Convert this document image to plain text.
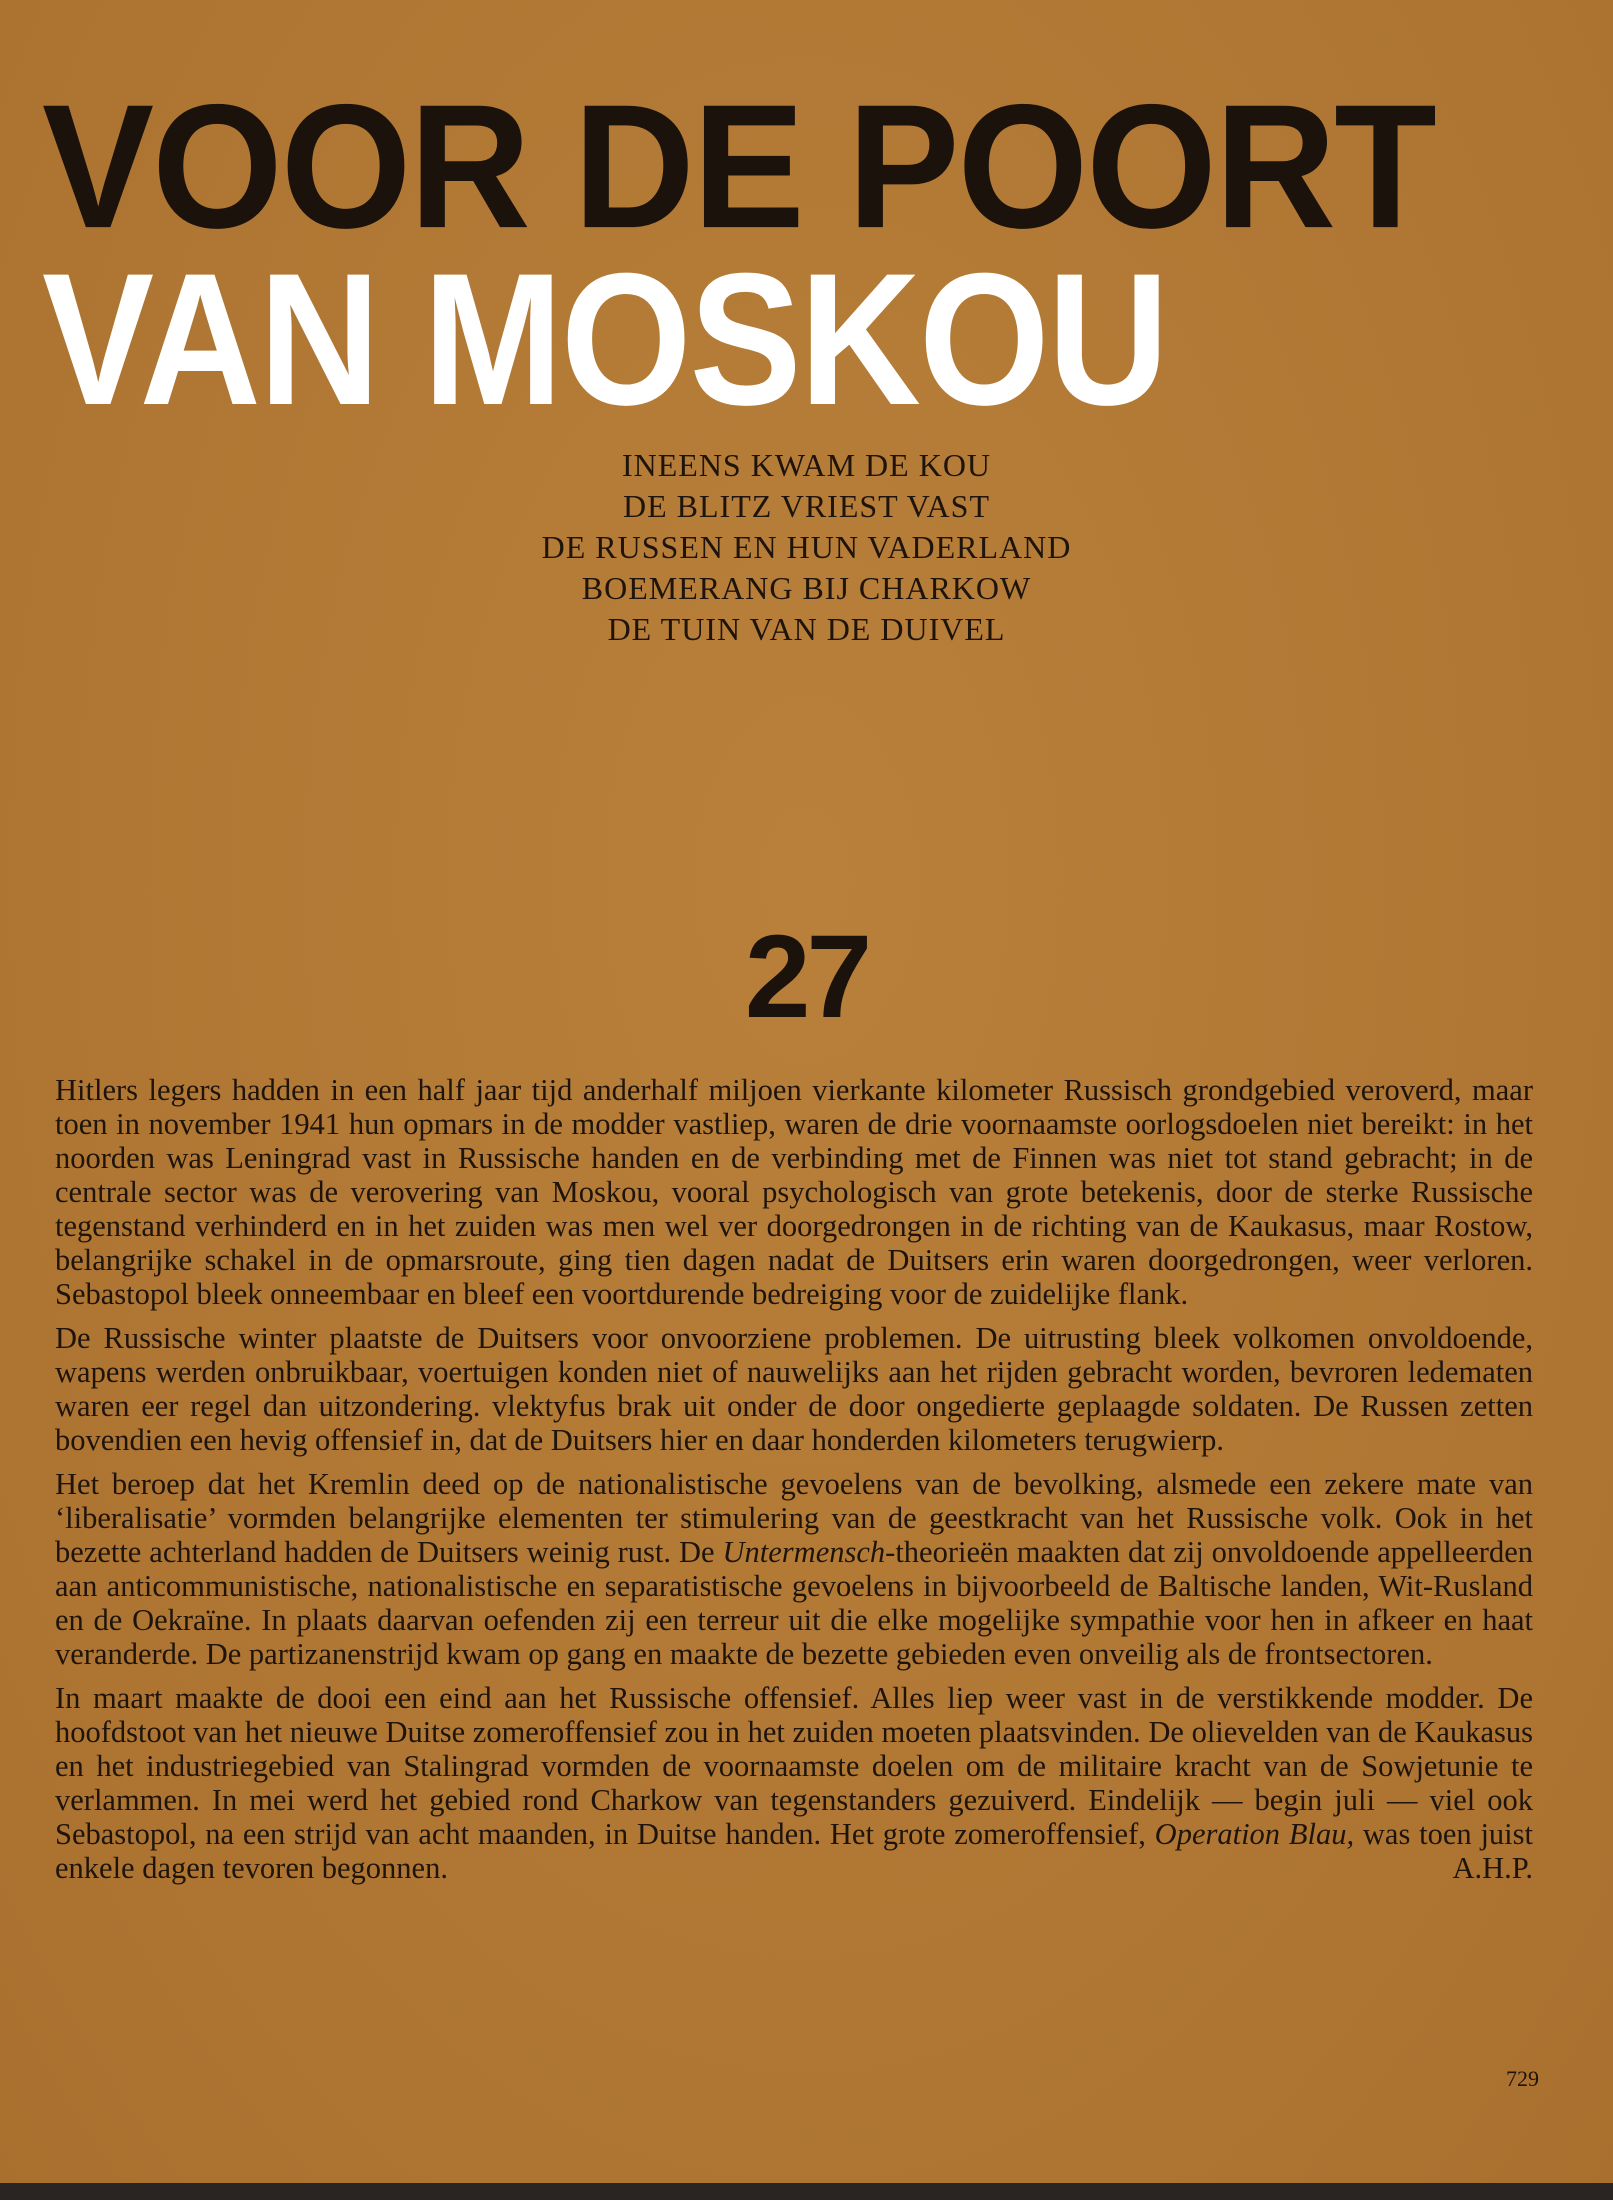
VOOR DE POORT
VAN MOSKOU
INEENS KWAM DE KOU
DE BLITZ VRIEST VAST
DE RUSSEN EN HUN VADERLAND
BOEMERANG BIJ CHARKOW
DE TUIN VAN DE DUIVEL
27

Hitlers legers hadden in een half jaar tijd anderhalf miljoen vierkante kilometer Russisch grondgebied veroverd, maar toen in november 1941 hun opmars in de modder vastliep, waren de drie voornaamste oorlogsdoelen niet bereikt: in het noorden was Leningrad vast in Russische handen en de verbinding met de Finnen was niet tot stand gebracht; in de centrale sector was de verovering van Moskou, vooral psychologisch van grote betekenis, door de sterke Russische tegenstand verhinderd en in het zuiden was men wel ver doorgedrongen in de richting van de Kaukasus, maar Rostow, belangrijke schakel in de opmarsroute, ging tien dagen nadat de Duitsers erin waren doorgedrongen, weer verloren. Sebastopol bleek onneembaar en bleef een voortdurende bedreiging voor de zuidelijke flank.

De Russische winter plaatste de Duitsers voor onvoorziene problemen. De uitrusting bleek volkomen onvoldoende, wapens werden onbruikbaar, voertuigen konden niet of nauwelijks aan het rijden gebracht worden, bevroren ledematen waren eer regel dan uitzondering. vlektyfus brak uit onder de door ongedierte geplaagde soldaten. De Russen zetten bovendien een hevig offensief in, dat de Duitsers hier en daar honderden kilometers terugwierp.

Het beroep dat het Kremlin deed op de nationalistische gevoelens van de bevolking, alsmede een zekere mate van ‘liberalisatie’ vormden belangrijke elementen ter stimulering van de geestkracht van het Russische volk. Ook in het bezette achterland hadden de Duitsers weinig rust. De Untermensch-theorieën maakten dat zij onvoldoende appelleerden aan anticommunistische, nationalistische en separatistische gevoelens in bijvoorbeeld de Baltische landen, Wit-Rusland en de Oekraïne. In plaats daarvan oefenden zij een terreur uit die elke mogelijke sympathie voor hen in afkeer en haat veranderde. De partizanenstrijd kwam op gang en maakte de bezette gebieden even onveilig als de frontsectoren.

In maart maakte de dooi een eind aan het Russische offensief. Alles liep weer vast in de verstikkende modder. De hoofdstoot van het nieuwe Duitse zomeroffensief zou in het zuiden moeten plaatsvinden. De olievelden van de Kaukasus en het industriegebied van Stalingrad vormden de voornaamste doelen om de militaire kracht van de Sowjetunie te verlammen. In mei werd het gebied rond Charkow van tegenstanders gezuiverd. Eindelijk — begin juli — viel ook Sebastopol, na een strijd van acht maanden, in Duitse handen. Het grote zomeroffensief, Operation Blau, was toen juist enkele dagen tevoren begonnen.	A.H.P.

729
